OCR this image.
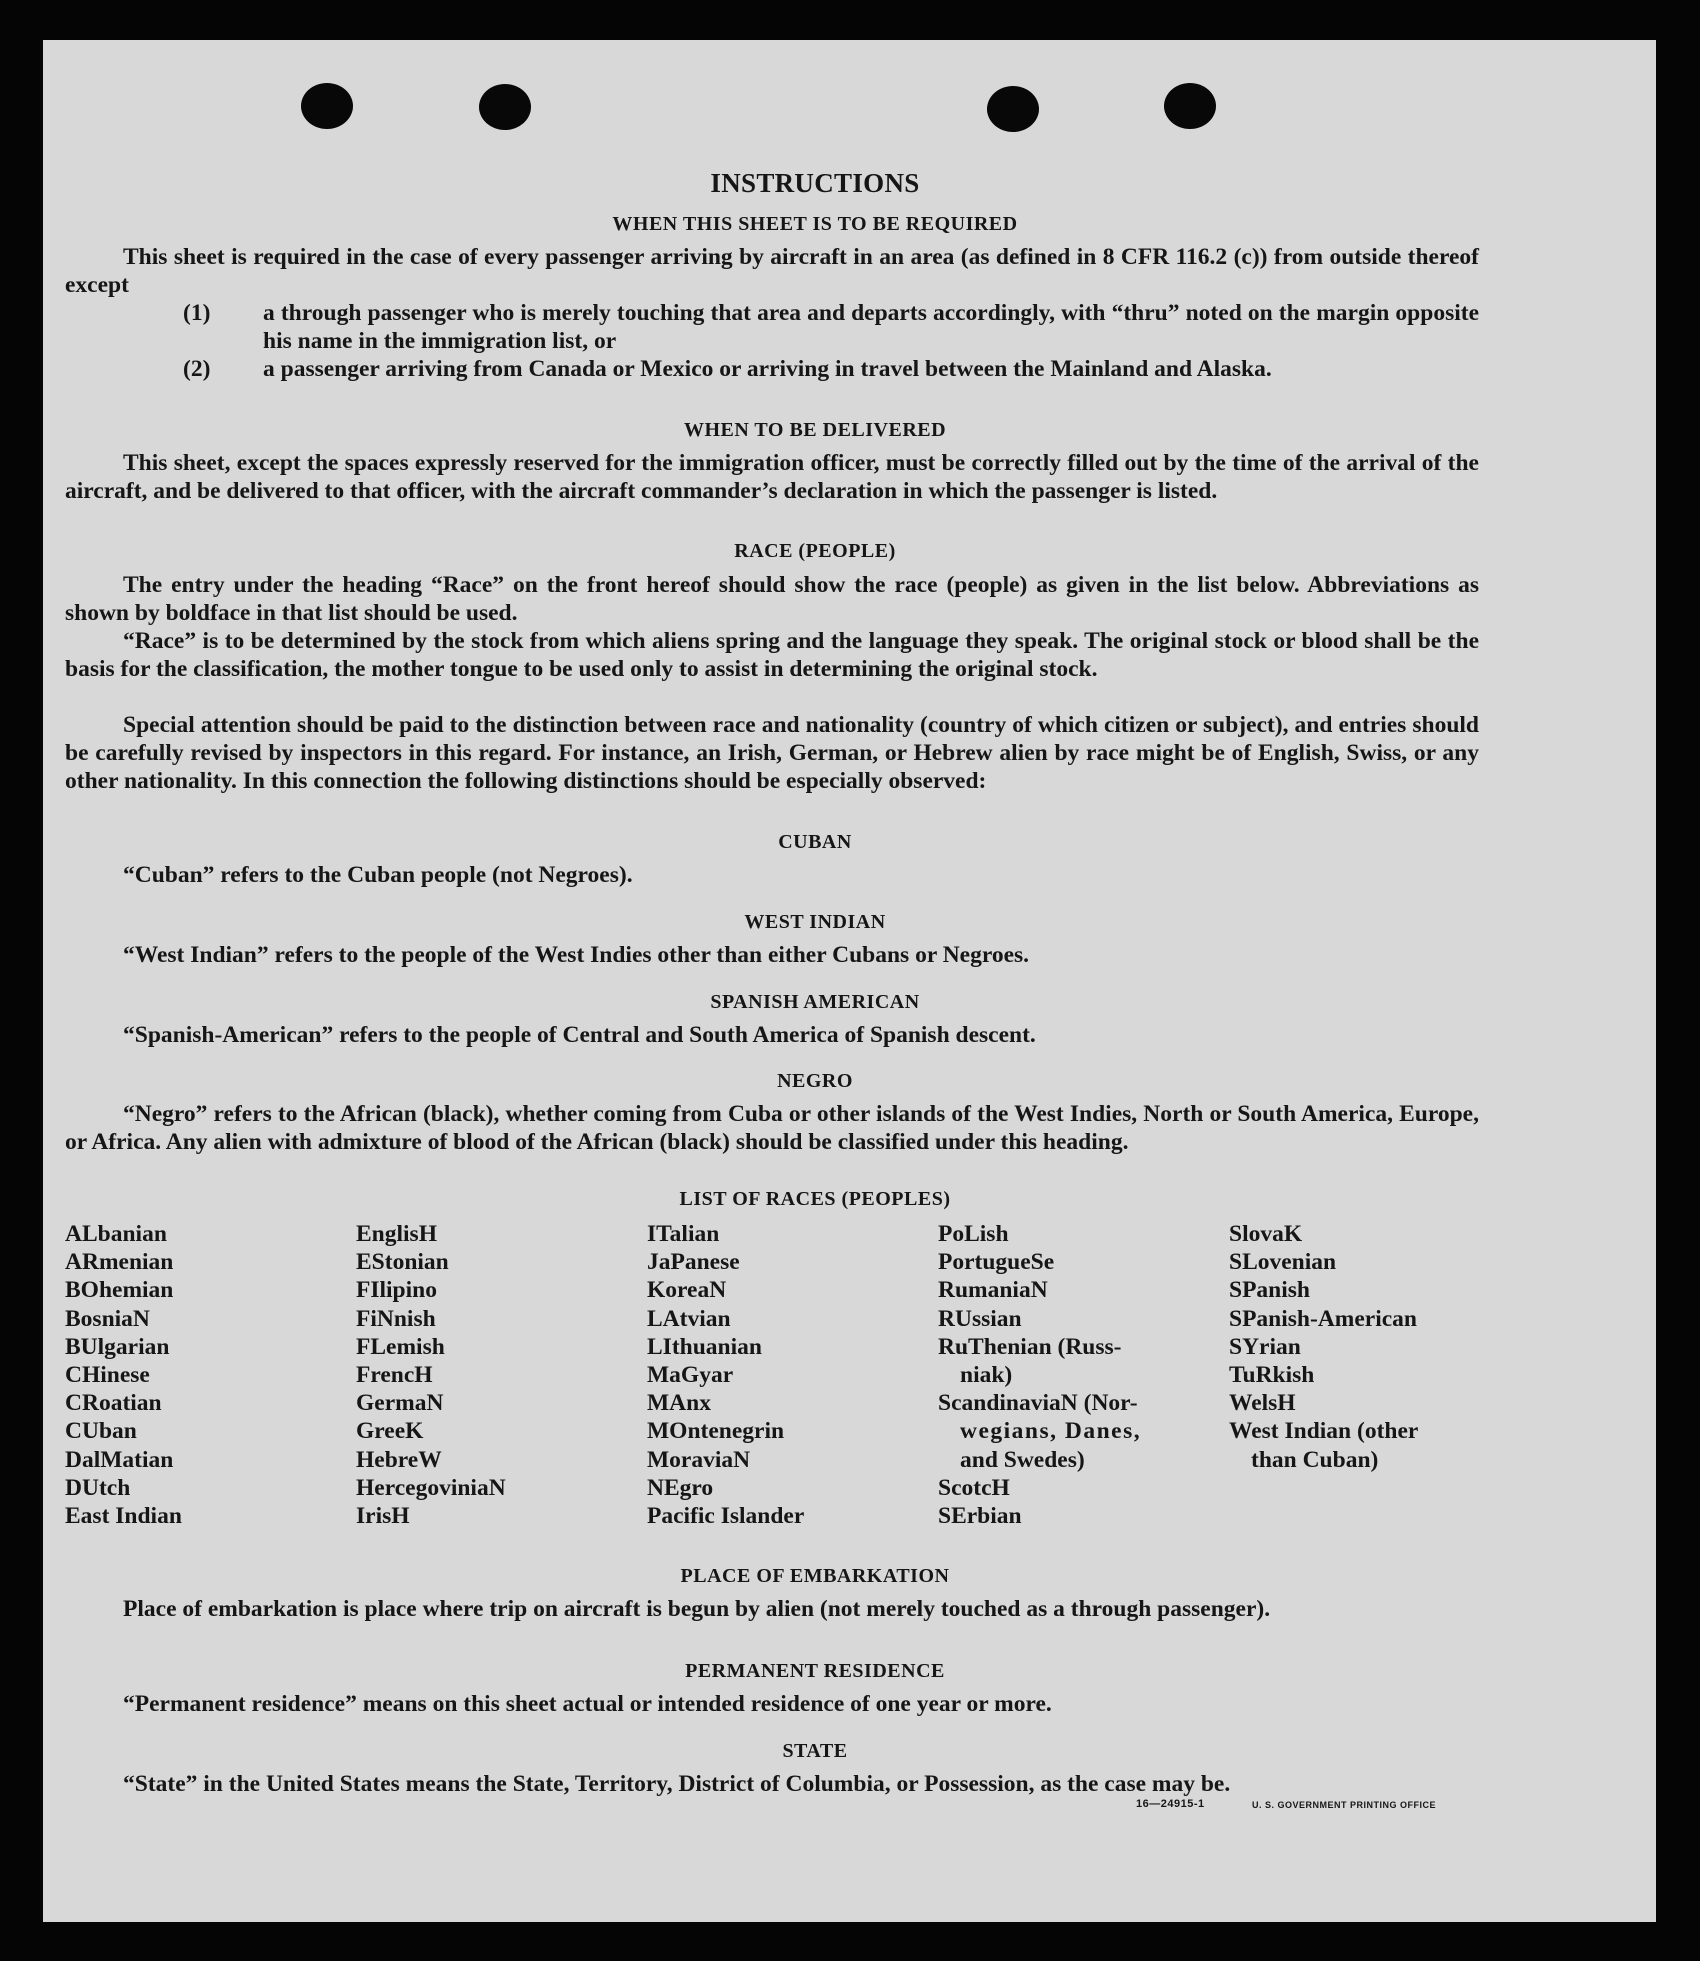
INSTRUCTIONS
WHEN THIS SHEET IS TO BE REQUIRED
This sheet is required in the case of every passenger arriving by aircraft in an area (as defined in 8 CFR 116.2 (c)) from outside thereof except
(1) a through passenger who is merely touching that area and departs accordingly, with “thru” noted on the margin opposite his name in the immigration list, or
(2) a passenger arriving from Canada or Mexico or arriving in travel between the Mainland and Alaska.
WHEN TO BE DELIVERED
This sheet, except the spaces expressly reserved for the immigration officer, must be correctly filled out by the time of the arrival of the aircraft, and be delivered to that officer, with the aircraft commander’s declaration in which the passenger is listed.
RACE (PEOPLE)
The entry under the heading “Race” on the front hereof should show the race (people) as given in the list below. Abbreviations as shown by boldface in that list should be used.
“Race” is to be determined by the stock from which aliens spring and the language they speak. The original stock or blood shall be the basis for the classification, the mother tongue to be used only to assist in determining the original stock.
Special attention should be paid to the distinction between race and nationality (country of which citizen or subject), and entries should be carefully revised by inspectors in this regard. For instance, an Irish, German, or Hebrew alien by race might be of English, Swiss, or any other nationality. In this connection the following distinctions should be especially observed:
CUBAN
“Cuban” refers to the Cuban people (not Negroes).
WEST INDIAN
“West Indian” refers to the people of the West Indies other than either Cubans or Negroes.
SPANISH AMERICAN
“Spanish-American” refers to the people of Central and South America of Spanish descent.
NEGRO
“Negro” refers to the African (black), whether coming from Cuba or other islands of the West Indies, North or South America, Europe, or Africa. Any alien with admixture of blood of the African (black) should be classified under this heading.
LIST OF RACES (PEOPLES)
ALbanian
ARmenian
BOhemian
BosniaN
BUlgarian
CHinese
CRoatian
CUban
DalMatian
DUtch
East Indian
EnglisH
EStonian
FIlipino
FiNnish
FLemish
FrencH
GermaN
GreeK
HebreW
HercegoviniaN
IrisH
ITalian
JaPanese
KoreaN
LAtvian
LIthuanian
MaGyar
MAnx
MOntenegrin
MoraviaN
NEgro
Pacific Islander
PoLish
PortugueSe
RumaniaN
RUssian
RuThenian (Russ-
niak)
ScandinaviaN (Nor-
wegians, Danes,
and Swedes)
ScotcH
SErbian
SlovaK
SLovenian
SPanish
SPanish-American
SYrian
TuRkish
WelsH
West Indian (other
than Cuban)
PLACE OF EMBARKATION
Place of embarkation is place where trip on aircraft is begun by alien (not merely touched as a through passenger).
PERMANENT RESIDENCE
“Permanent residence” means on this sheet actual or intended residence of one year or more.
STATE
“State” in the United States means the State, Territory, District of Columbia, or Possession, as the case may be.
16—24915-1	U. S. GOVERNMENT PRINTING OFFICE
